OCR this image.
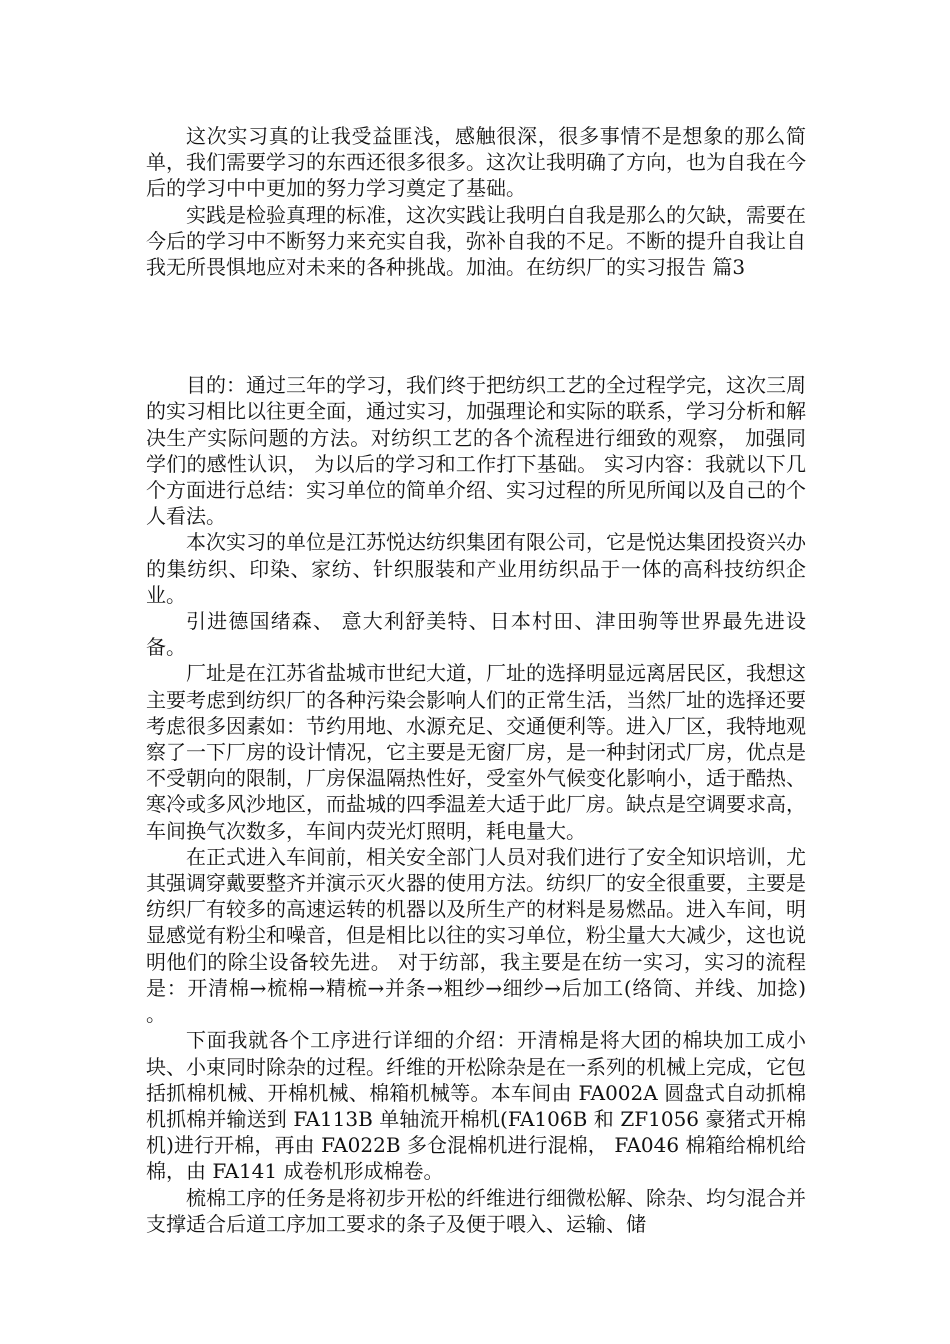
这次实习真的让我受益匪浅，感触很深，很多事情不是想象的那么简单，我们需要学习的东西还很多很多。这次让我明确了方向，也为自我在今后的学习中中更加的努力学习奠定了基础。

实践是检验真理的标准，这次实践让我明白自我是那么的欠缺，需要在今后的学习中不断努力来充实自我，弥补自我的不足。不断的提升自我让自我无所畏惧地应对未来的各种挑战。加油。在纺织厂的实习报告 篇3

目的：通过三年的学习，我们终于把纺织工艺的全过程学完，这次三周的实习相比以往更全面，通过实习，加强理论和实际的联系，学习分析和解决生产实际问题的方法。对纺织工艺的各个流程进行细致的观察， 加强同学们的感性认识， 为以后的学习和工作打下基础。 实习内容：我就以下几个方面进行总结：实习单位的简单介绍、实习过程的所见所闻以及自己的个人看法。

本次实习的单位是江苏悦达纺织集团有限公司，它是悦达集团投资兴办的集纺织、印染、家纺、针织服装和产业用纺织品于一体的高科技纺织企业。

引进德国绪森、 意大利舒美特、日本村田、津田驹等世界最先进设备。

厂址是在江苏省盐城市世纪大道，厂址的选择明显远离居民区，我想这主要考虑到纺织厂的各种污染会影响人们的正常生活，当然厂址的选择还要考虑很多因素如：节约用地、水源充足、交通便利等。进入厂区，我特地观察了一下厂房的设计情况，它主要是无窗厂房，是一种封闭式厂房，优点是不受朝向的限制，厂房保温隔热性好，受室外气候变化影响小，适于酷热、寒冷或多风沙地区，而盐城的四季温差大适于此厂房。缺点是空调要求高，车间换气次数多，车间内荧光灯照明，耗电量大。

在正式进入车间前，相关安全部门人员对我们进行了安全知识培训，尤其强调穿戴要整齐并演示灭火器的使用方法。纺织厂的安全很重要，主要是纺织厂有较多的高速运转的机器以及所生产的材料是易燃品。进入车间，明显感觉有粉尘和噪音，但是相比以往的实习单位，粉尘量大大减少，这也说明他们的除尘设备较先进。 对于纺部，我主要是在纺一实习，实习的流程是：开清棉→梳棉→精梳→并条→粗纱→细纱→后加工(络筒、并线、加捻) 。

下面我就各个工序进行详细的介绍：开清棉是将大团的棉块加工成小块、小束同时除杂的过程。纤维的开松除杂是在一系列的机械上完成，它包括抓棉机械、开棉机械、棉箱机械等。本车间由 FA002A 圆盘式自动抓棉机抓棉并输送到 FA113B 单轴流开棉机(FA106B 和 ZF1056 豪猪式开棉机)进行开棉，再由 FA022B 多仓混棉机进行混棉， FA046 棉箱给棉机给棉，由 FA141 成卷机形成棉卷。

梳棉工序的任务是将初步开松的纤维进行细微松解、除杂、均匀混合并支撑适合后道工序加工要求的条子及便于喂入、运输、储
